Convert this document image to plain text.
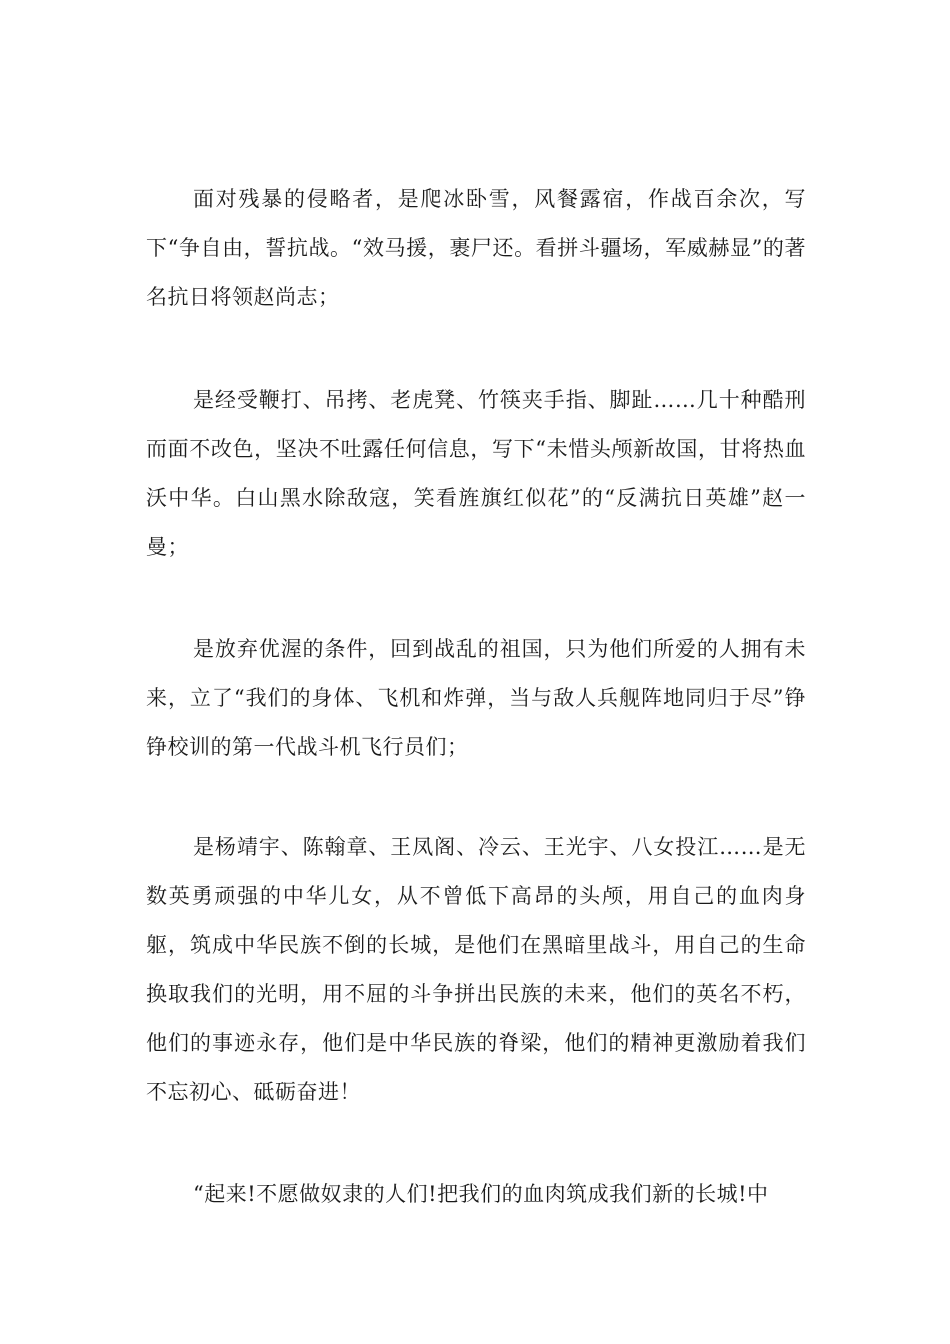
面对残暴的侵略者，是爬冰卧雪，风餐露宿，作战百余次，写下“争自由，誓抗战。“效马援，裹尸还。看拼斗疆场，军威赫显”的著名抗日将领赵尚志；

是经受鞭打、吊拷、老虎凳、竹筷夹手指、脚趾……几十种酷刑而面不改色，坚决不吐露任何信息，写下“未惜头颅新故国，甘将热血沃中华。白山黑水除敌寇，笑看旌旗红似花”的“反满抗日英雄”赵一曼；

是放弃优渥的条件，回到战乱的祖国，只为他们所爱的人拥有未来，立了“我们的身体、飞机和炸弹，当与敌人兵舰阵地同归于尽”铮铮校训的第一代战斗机飞行员们；

是杨靖宇、陈翰章、王凤阁、冷云、王光宇、八女投江……是无数英勇顽强的中华儿女，从不曾低下高昂的头颅，用自己的血肉身躯，筑成中华民族不倒的长城，是他们在黑暗里战斗，用自己的生命换取我们的光明，用不屈的斗争拼出民族的未来，他们的英名不朽，他们的事迹永存，他们是中华民族的脊梁，他们的精神更激励着我们不忘初心、砥砺奋进！

“起来!不愿做奴隶的人们!把我们的血肉筑成我们新的长城!中
